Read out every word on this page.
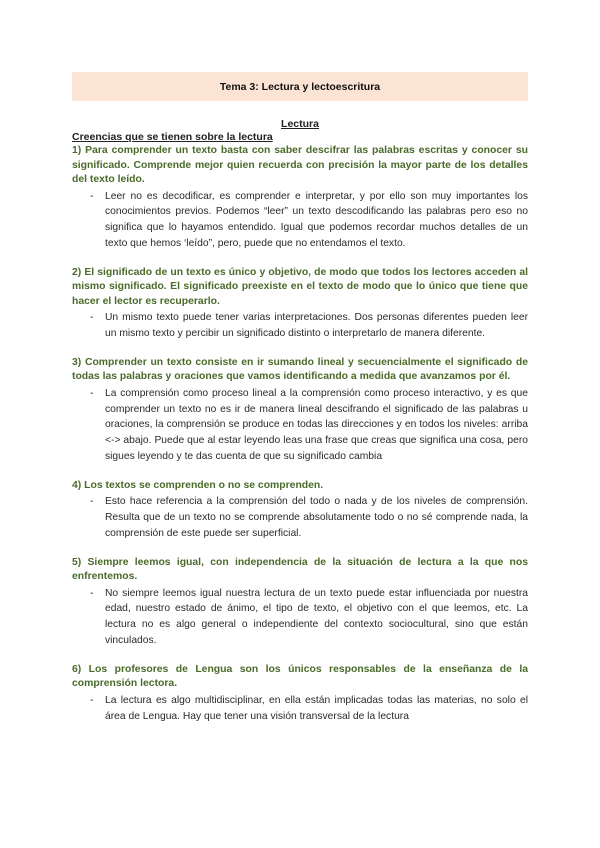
Tema 3: Lectura y lectoescritura

Lectura

Creencias que se tienen sobre la lectura

1) Para comprender un texto basta con saber descifrar las palabras escritas y conocer su significado. Comprende mejor quien recuerda con precisión la mayor parte de los detalles del texto leído.

-	Leer no es decodificar, es comprender e interpretar, y por ello son muy importantes los conocimientos previos. Podemos “leer” un texto descodificando las palabras pero eso no significa que lo hayamos entendido. Igual que podemos recordar muchos detalles de un texto que hemos ‘leído”, pero, puede que no entendamos el texto.

2) El significado de un texto es único y objetivo, de modo que todos los lectores acceden al mismo significado. El significado preexiste en el texto de modo que lo único que tiene que hacer el lector es recuperarlo.

-	Un mismo texto puede tener varias interpretaciones. Dos personas diferentes pueden leer un mismo texto y percibir un significado distinto o interpretarlo de manera diferente.

3) Comprender un texto consiste en ir sumando lineal y secuencialmente el significado de todas las palabras y oraciones que vamos identificando a medida que avanzamos por él.

-	La comprensión como proceso lineal a la comprensión como proceso interactivo, y es que comprender un texto no es ir de manera lineal descifrando el significado de las palabras u oraciones, la comprensión se produce en todas las direcciones y en todos los niveles: arriba <-> abajo. Puede que al estar leyendo leas una frase que creas que significa una cosa, pero sigues leyendo y te das cuenta de que su significado cambia

4) Los textos se comprenden o no se comprenden.

-	Esto hace referencia a la comprensión del todo o nada y de los niveles de comprensión. Resulta que de un texto no se comprende absolutamente todo o no sé comprende nada, la comprensión de este puede ser superficial.

5) Siempre leemos igual, con independencia de la situación de lectura a la que nos enfrentemos.

-	No siempre leemos igual nuestra lectura de un texto puede estar influenciada por nuestra edad, nuestro estado de ánimo, el tipo de texto, el objetivo con el que leemos, etc. La lectura no es algo general o independiente del contexto sociocultural, sino que están vinculados.

6) Los profesores de Lengua son los únicos responsables de la enseñanza de la comprensión lectora.

-	La lectura es algo multidisciplinar, en ella están implicadas todas las materias, no solo el área de Lengua. Hay que tener una visión transversal de la lectura
